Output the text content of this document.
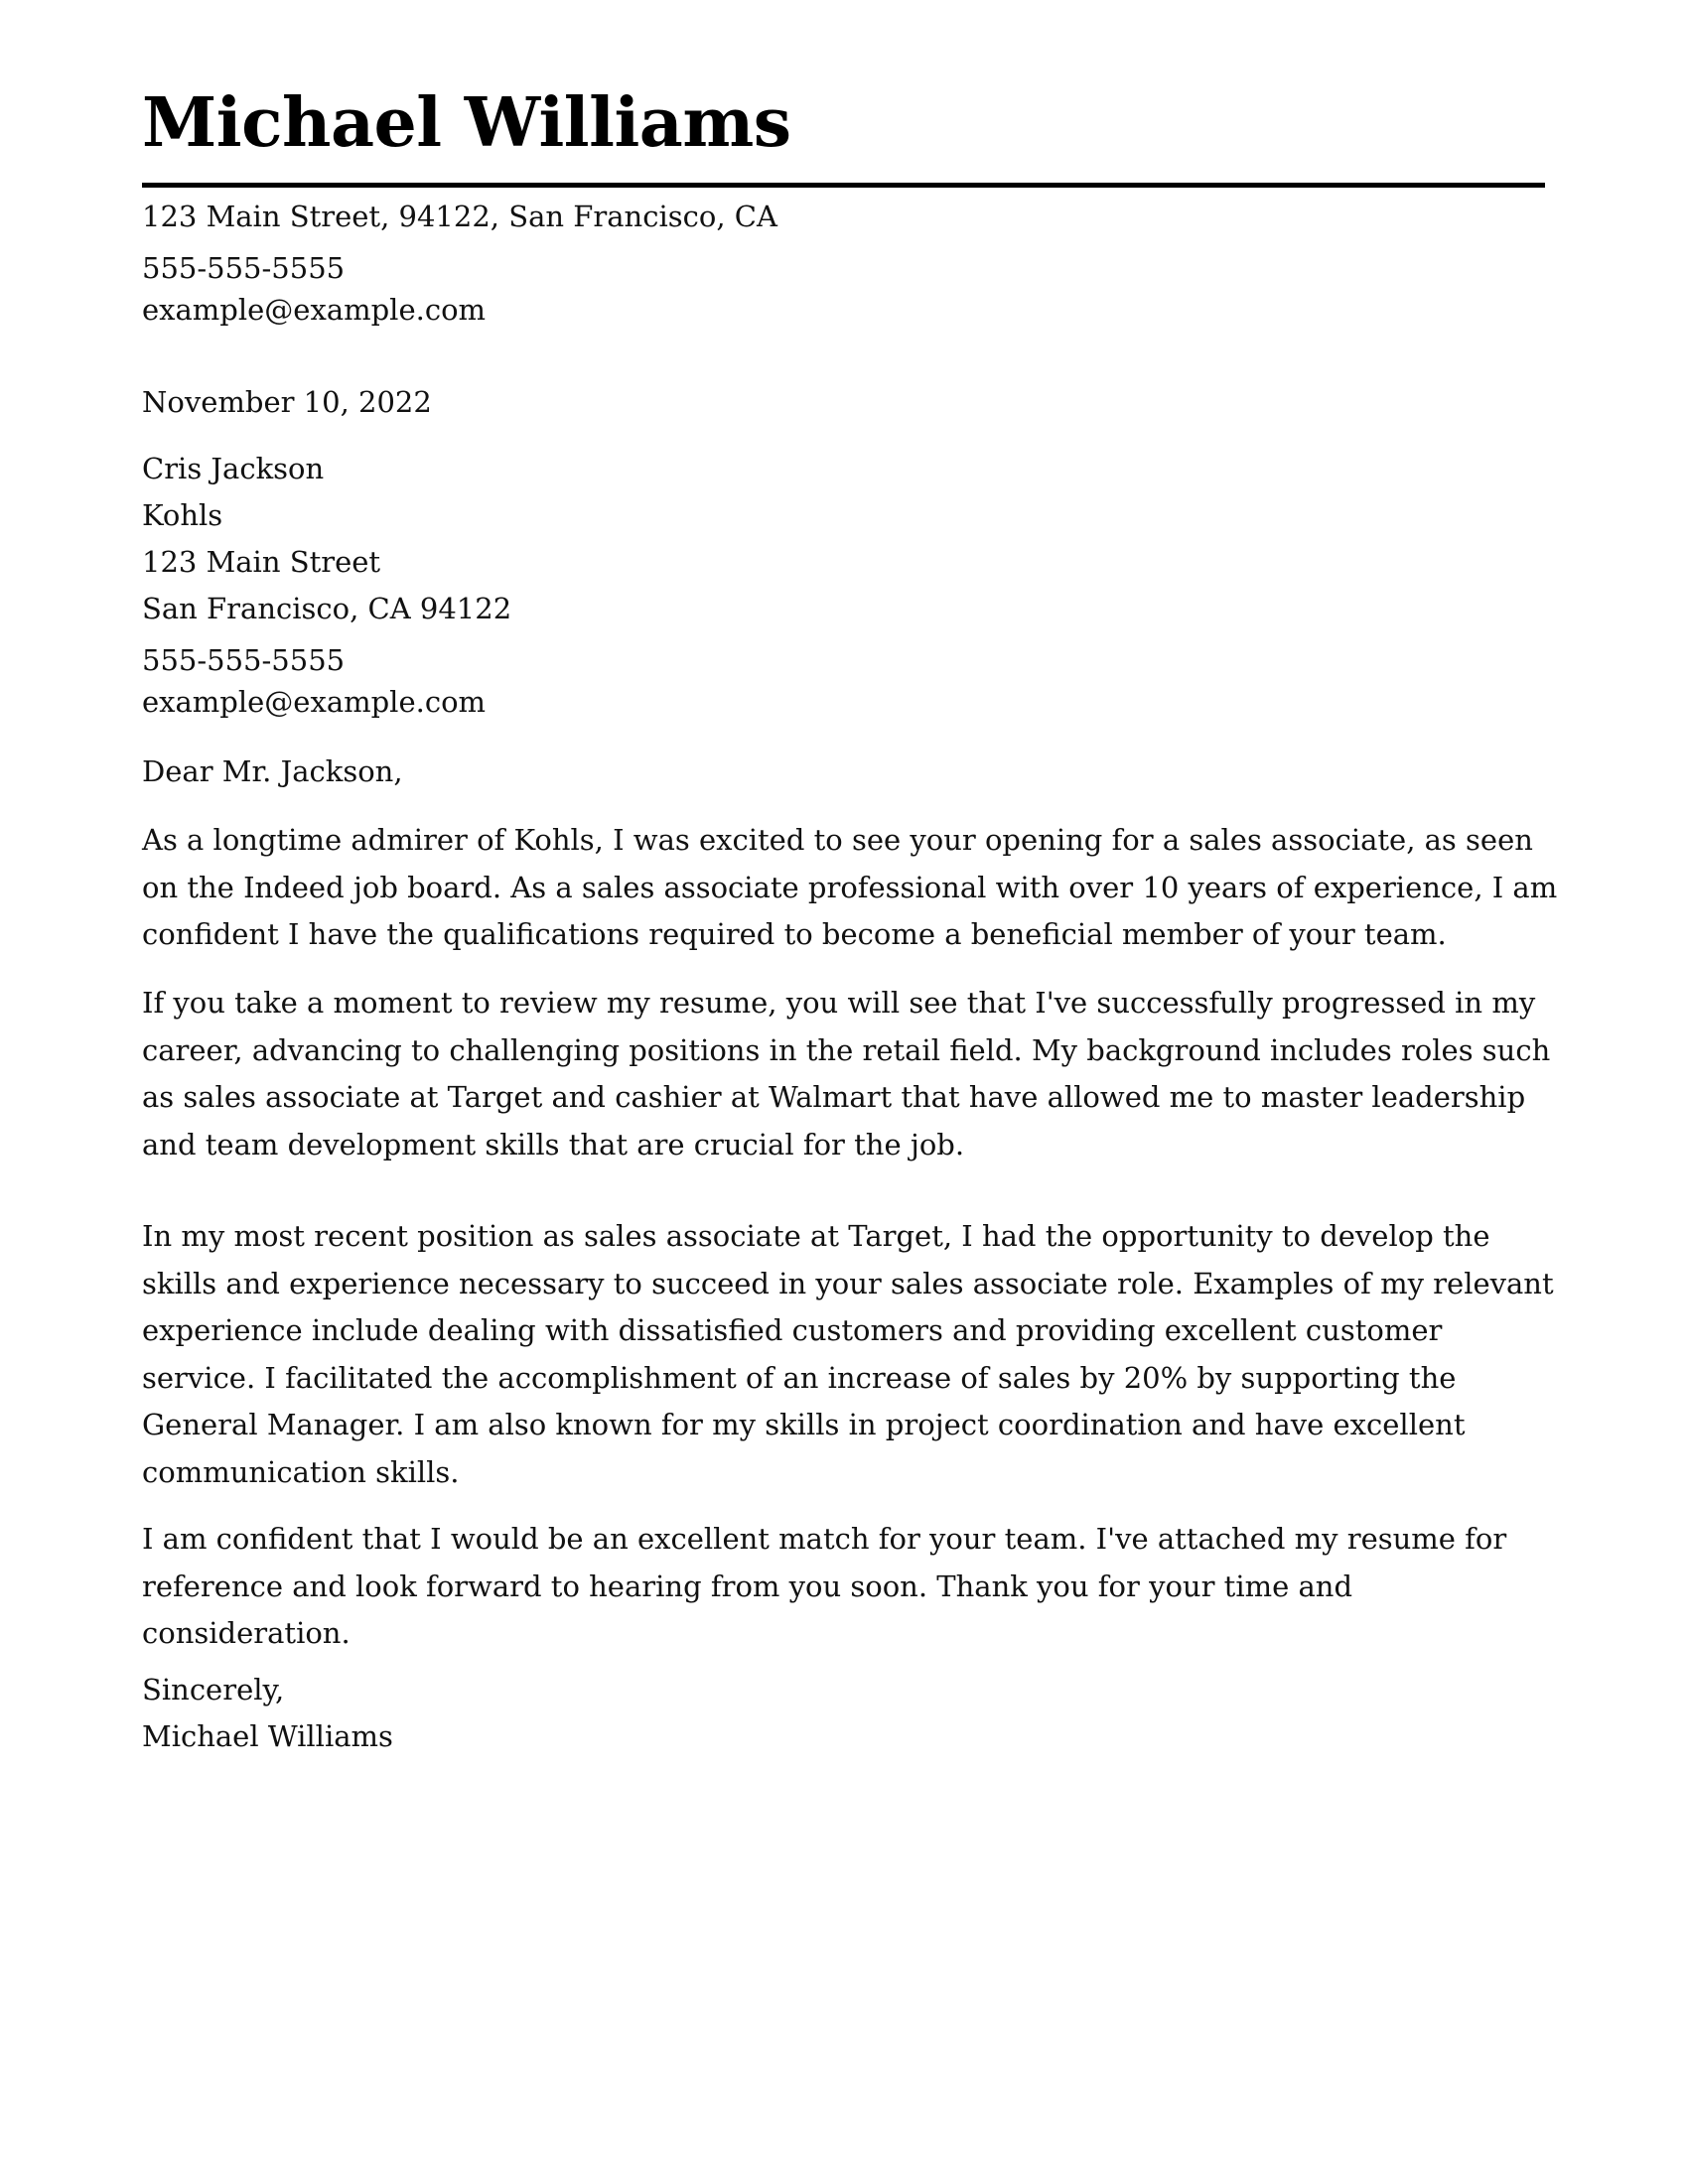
Michael Williams

123 Main Street, 94122, San Francisco, CA

555-555-5555

example@example.com

November 10, 2022

Cris Jackson

Kohls

123 Main Street

San Francisco, CA 94122

555-555-5555

example@example.com

Dear Mr. Jackson,

As a longtime admirer of Kohls, I was excited to see your opening for a sales associate, as seen
on the Indeed job board. As a sales associate professional with over 10 years of experience, I am
confident I have the qualifications required to become a beneficial member of your team.
If you take a moment to review my resume, you will see that I've successfully progressed in my
career, advancing to challenging positions in the retail field. My background includes roles such
as sales associate at Target and cashier at Walmart that have allowed me to master leadership
and team development skills that are crucial for the job.
In my most recent position as sales associate at Target, I had the opportunity to develop the
skills and experience necessary to succeed in your sales associate role. Examples of my relevant
experience include dealing with dissatisfied customers and providing excellent customer
service. I facilitated the accomplishment of an increase of sales by 20% by supporting the
General Manager. I am also known for my skills in project coordination and have excellent
communication skills.
I am confident that I would be an excellent match for your team. I've attached my resume for
reference and look forward to hearing from you soon. Thank you for your time and
consideration.

Sincerely,

Michael Williams
